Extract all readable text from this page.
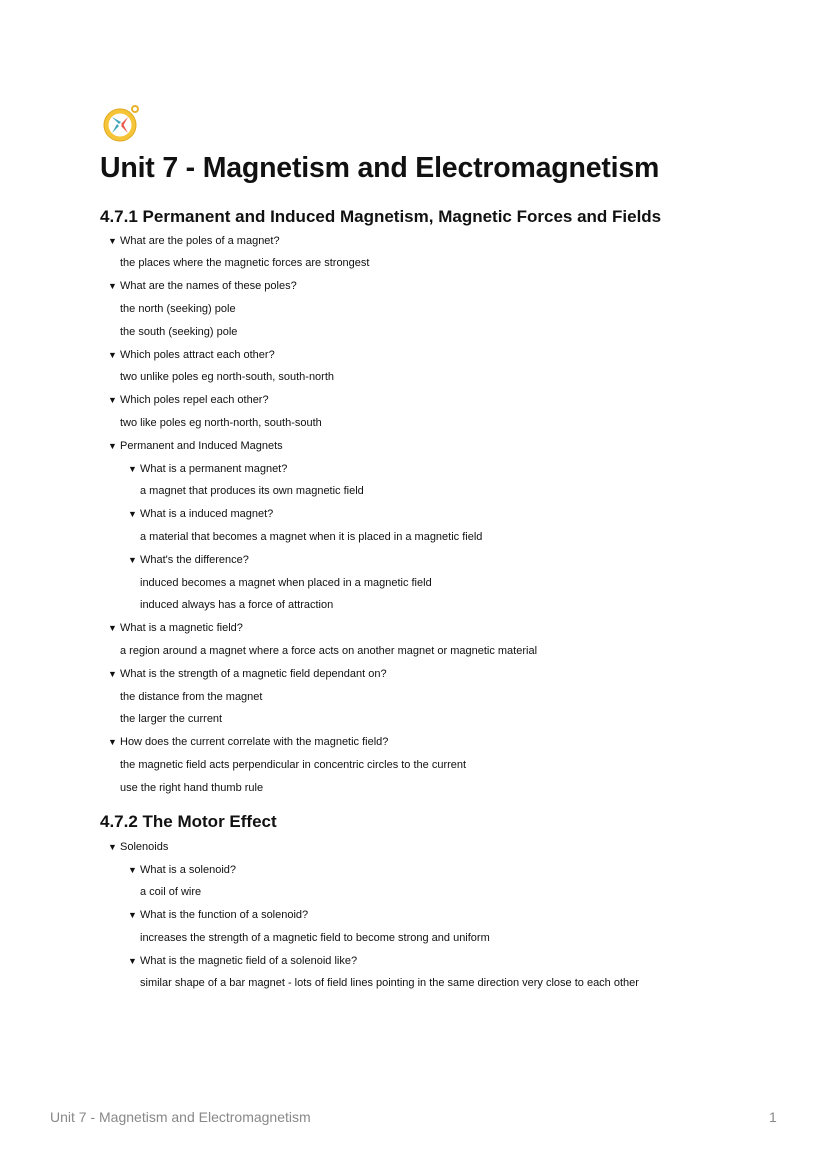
Unit 7 - Magnetism and Electromagnetism
4.7.1 Permanent and Induced Magnetism, Magnetic Forces and Fields
▼ What are the poles of a magnet?
the places where the magnetic forces are strongest
▼ What are the names of these poles?
the north (seeking) pole
the south (seeking) pole
▼ Which poles attract each other?
two unlike poles eg north-south, south-north
▼ Which poles repel each other?
two like poles eg north-north, south-south
▼ Permanent and Induced Magnets
▼ What is a permanent magnet?
a magnet that produces its own magnetic field
▼ What is a induced magnet?
a material that becomes a magnet when it is placed in a magnetic field
▼ What's the difference?
induced becomes a magnet when placed in a magnetic field
induced always has a force of attraction
▼ What is a magnetic field?
a region around a magnet where a force acts on another magnet or magnetic material
▼ What is the strength of a magnetic field dependant on?
the distance from the magnet
the larger the current
▼ How does the current correlate with the magnetic field?
the magnetic field acts perpendicular in concentric circles to the current
use the right hand thumb rule
4.7.2 The Motor Effect
▼ Solenoids
▼ What is a solenoid?
a coil of wire
▼ What is the function of a solenoid?
increases the strength of a magnetic field to become strong and uniform
▼ What is the magnetic field of a solenoid like?
similar shape of a bar magnet - lots of field lines pointing in the same direction very close to each other
Unit 7 - Magnetism and Electromagnetism	1
